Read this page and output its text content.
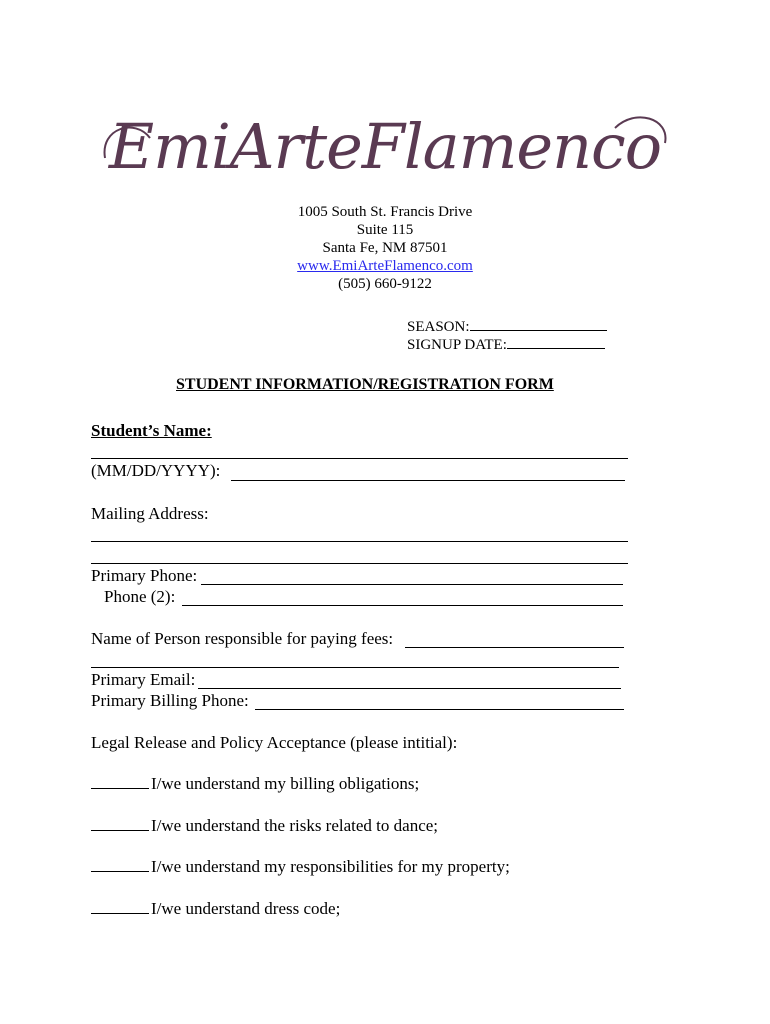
EmiArteFlamenco
1005 South St. Francis Drive
Suite 115
Santa Fe, NM 87501
www.EmiArteFlamenco.com
(505) 660-9122
SEASON:
SIGNUP DATE:
STUDENT INFORMATION/REGISTRATION FORM
Student’s Name:
(MM/DD/YYYY):
Mailing Address:
Primary Phone:
Phone (2):
Name of Person responsible for paying fees:
Primary Email:
Primary Billing Phone:
Legal Release and Policy Acceptance (please intitial):
I/we understand my billing obligations;
I/we understand the risks related to dance;
I/we understand my responsibilities for my property;
I/we understand dress code;
